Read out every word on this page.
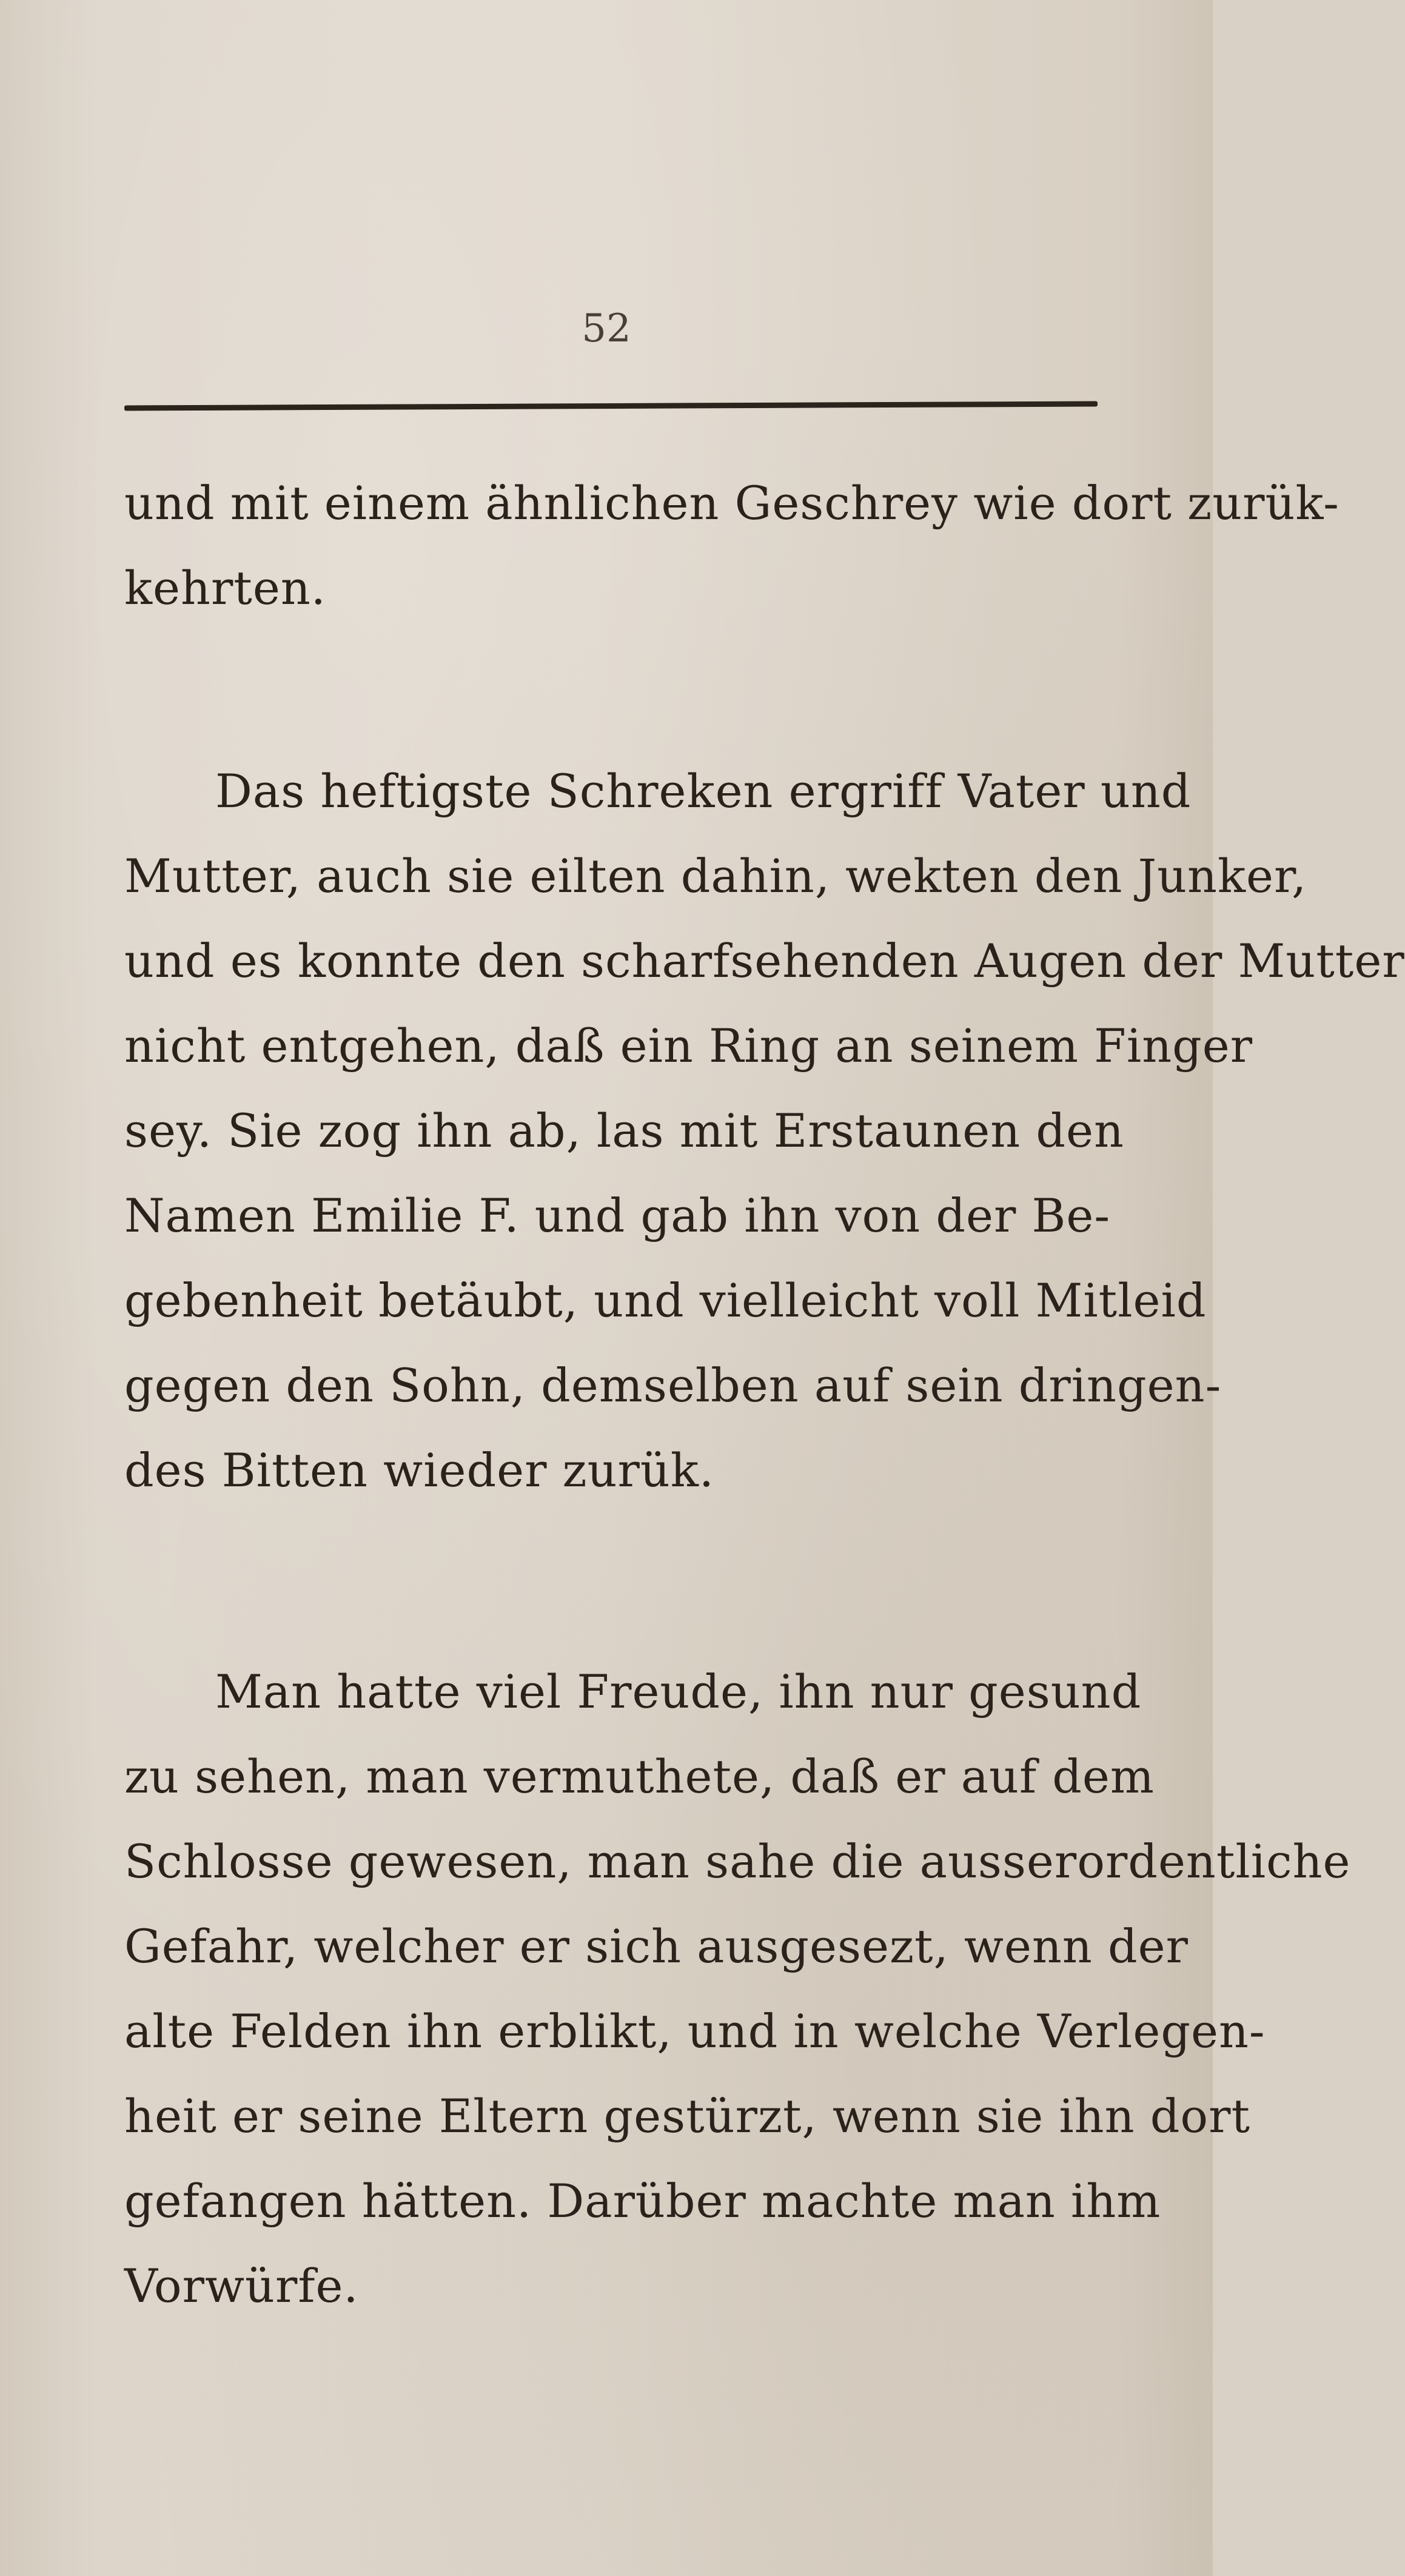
52
und mit einem ähnlichen Geschrey wie dort zurük-
kehrten.
Das heftigste Schreken ergriff Vater und
Mutter, auch sie eilten dahin, wekten den Junker,
und es konnte den scharfsehenden Augen der Mutter
nicht entgehen, daß ein Ring an seinem Finger
sey. Sie zog ihn ab, las mit Erstaunen den
Namen Emilie F. und gab ihn von der Be-
gebenheit betäubt, und vielleicht voll Mitleid
gegen den Sohn, demselben auf sein dringen-
des Bitten wieder zurük.
Man hatte viel Freude, ihn nur gesund
zu sehen, man vermuthete, daß er auf dem
Schlosse gewesen, man sahe die ausserordentliche
Gefahr, welcher er sich ausgesezt, wenn der
alte Felden ihn erblikt, und in welche Verlegen-
heit er seine Eltern gestürzt, wenn sie ihn dort
gefangen hätten. Darüber machte man ihm
Vorwürfe.
